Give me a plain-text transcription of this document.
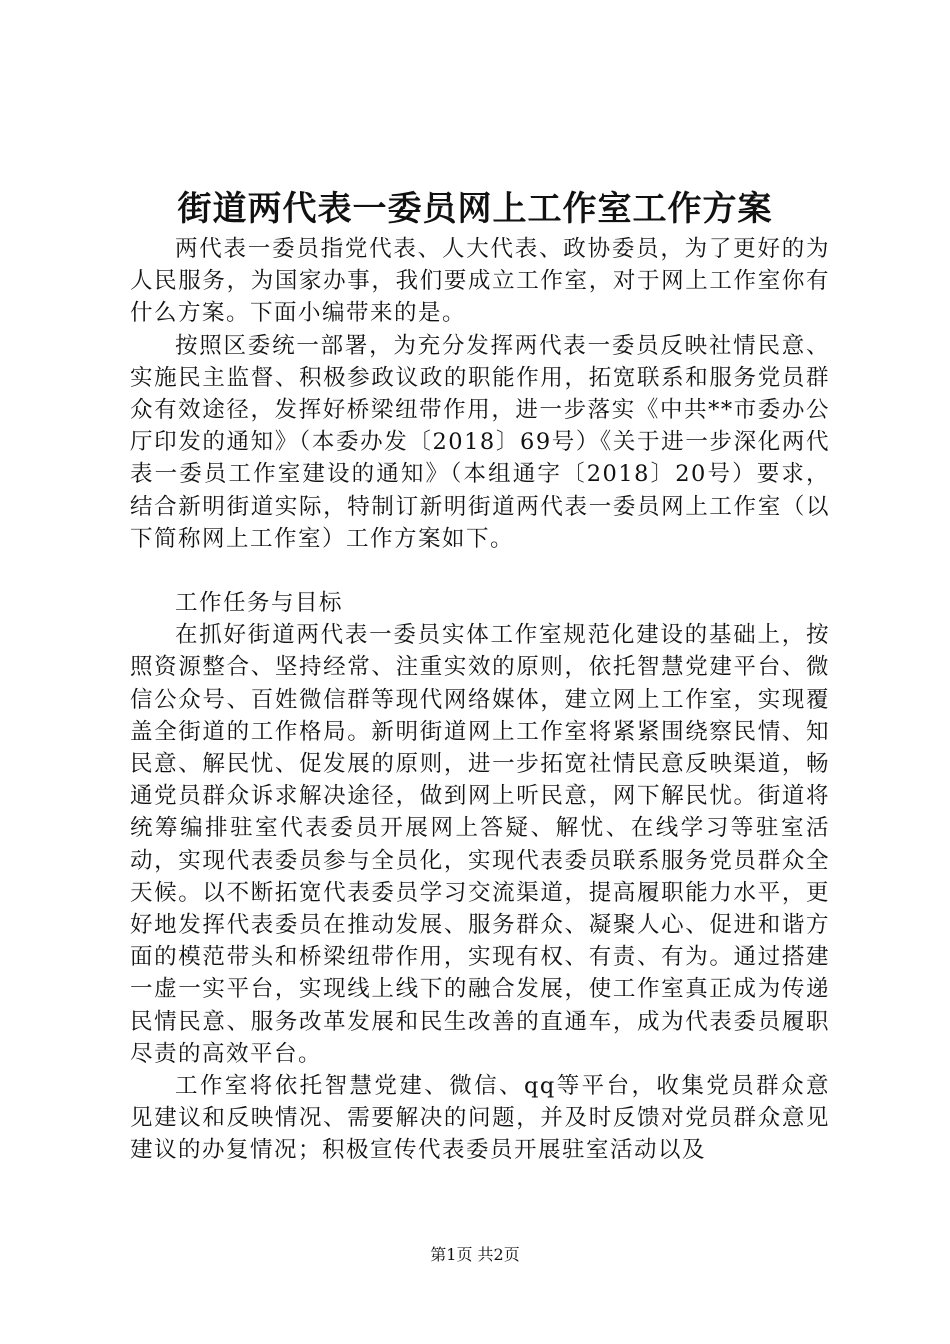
街道两代表一委员网上工作室工作方案

两代表一委员指党代表、人大代表、政协委员，为了更好的为人民服务，为国家办事，我们要成立工作室，对于网上工作室你有什么方案。下面小编带来的是。

按照区委统一部署，为充分发挥两代表一委员反映社情民意、实施民主监督、积极参政议政的职能作用，拓宽联系和服务党员群众有效途径，发挥好桥梁纽带作用，进一步落实《中共**市委办公厅印发的通知》（本委办发〔2018〕69号）《关于进一步深化两代表一委员工作室建设的通知》（本组通字〔2018〕20号）要求，结合新明街道实际，特制订新明街道两代表一委员网上工作室（以下简称网上工作室）工作方案如下。

工作任务与目标

在抓好街道两代表一委员实体工作室规范化建设的基础上，按照资源整合、坚持经常、注重实效的原则，依托智慧党建平台、微信公众号、百姓微信群等现代网络媒体，建立网上工作室，实现覆盖全街道的工作格局。新明街道网上工作室将紧紧围绕察民情、知民意、解民忧、促发展的原则，进一步拓宽社情民意反映渠道，畅通党员群众诉求解决途径，做到网上听民意，网下解民忧。街道将统筹编排驻室代表委员开展网上答疑、解忧、在线学习等驻室活动，实现代表委员参与全员化，实现代表委员联系服务党员群众全天候。以不断拓宽代表委员学习交流渠道，提高履职能力水平，更好地发挥代表委员在推动发展、服务群众、凝聚人心、促进和谐方面的模范带头和桥梁纽带作用，实现有权、有责、有为。通过搭建一虚一实平台，实现线上线下的融合发展，使工作室真正成为传递民情民意、服务改革发展和民生改善的直通车，成为代表委员履职尽责的高效平台。

工作室将依托智慧党建、微信、qq等平台，收集党员群众意见建议和反映情况、需要解决的问题，并及时反馈对党员群众意见建议的办复情况；积极宣传代表委员开展驻室活动以及

第1页 共2页
